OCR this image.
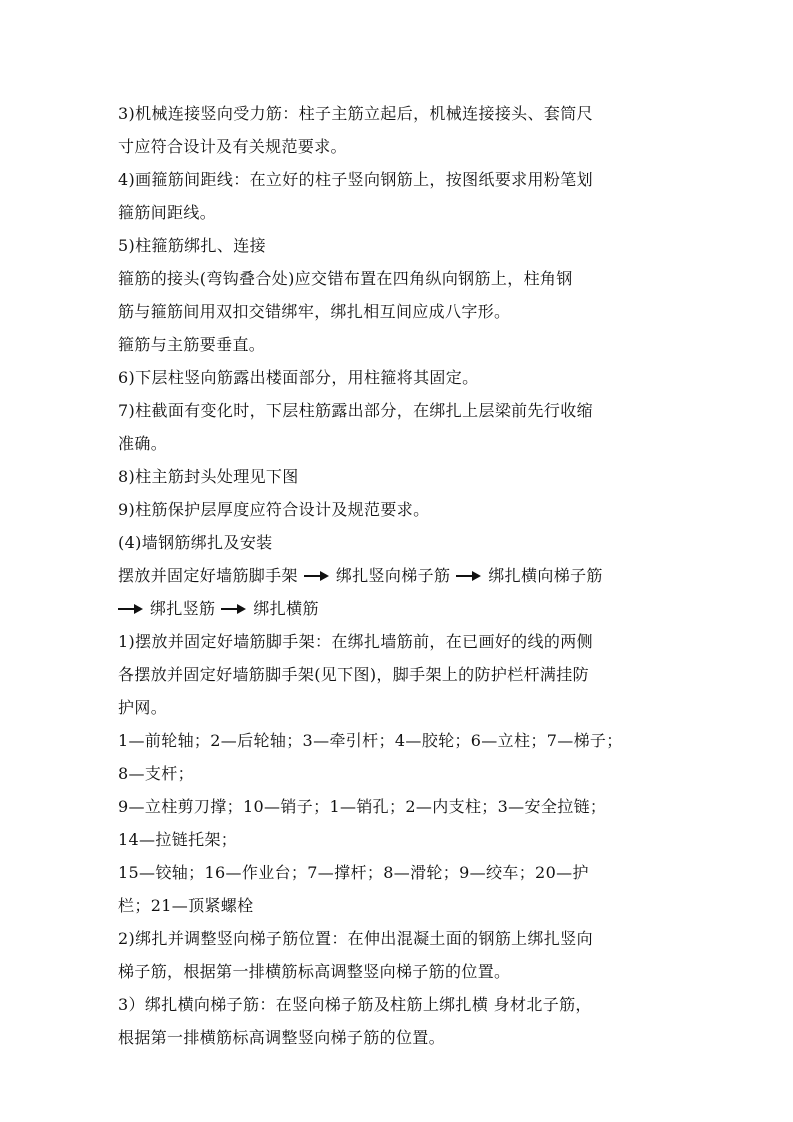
3)机械连接竖向受力筋：柱子主筋立起后，机械连接接头、套筒尺
寸应符合设计及有关规范要求。
4)画箍筋间距线：在立好的柱子竖向钢筋上，按图纸要求用粉笔划
箍筋间距线。
5)柱箍筋绑扎、连接
箍筋的接头(弯钩叠合处)应交错布置在四角纵向钢筋上，柱角钢
筋与箍筋间用双扣交错绑牢，绑扎相互间应成八字形。
箍筋与主筋要垂直。
6)下层柱竖向筋露出楼面部分，用柱箍将其固定。
7)柱截面有变化时，下层柱筋露出部分，在绑扎上层梁前先行收缩
准确。
8)柱主筋封头处理见下图
9)柱筋保护层厚度应符合设计及规范要求。
(4)墙钢筋绑扎及安装
摆放并固定好墙筋脚手架 绑扎竖向梯子筋 绑扎横向梯子筋
绑扎竖筋 绑扎横筋
1)摆放并固定好墙筋脚手架：在绑扎墙筋前，在已画好的线的两侧
各摆放并固定好墙筋脚手架(见下图)，脚手架上的防护栏杆满挂防
护网。
1—前轮轴；2—后轮轴；3—牵引杆；4—胶轮；6—立柱；7—梯子；
8—支杆；
9—立柱剪刀撑；10—销子；1—销孔；2—内支柱；3—安全拉链；
14—拉链托架；
15—铰轴；16—作业台；7—撑杆；8—滑轮；9—绞车；20—护
栏；21—顶紧螺栓
2)绑扎并调整竖向梯子筋位置：在伸出混凝土面的钢筋上绑扎竖向
梯子筋，根据第一排横筋标高调整竖向梯子筋的位置。
3）绑扎横向梯子筋：在竖向梯子筋及柱筋上绑扎横 身材北子筋，
根据第一排横筋标高调整竖向梯子筋的位置。
